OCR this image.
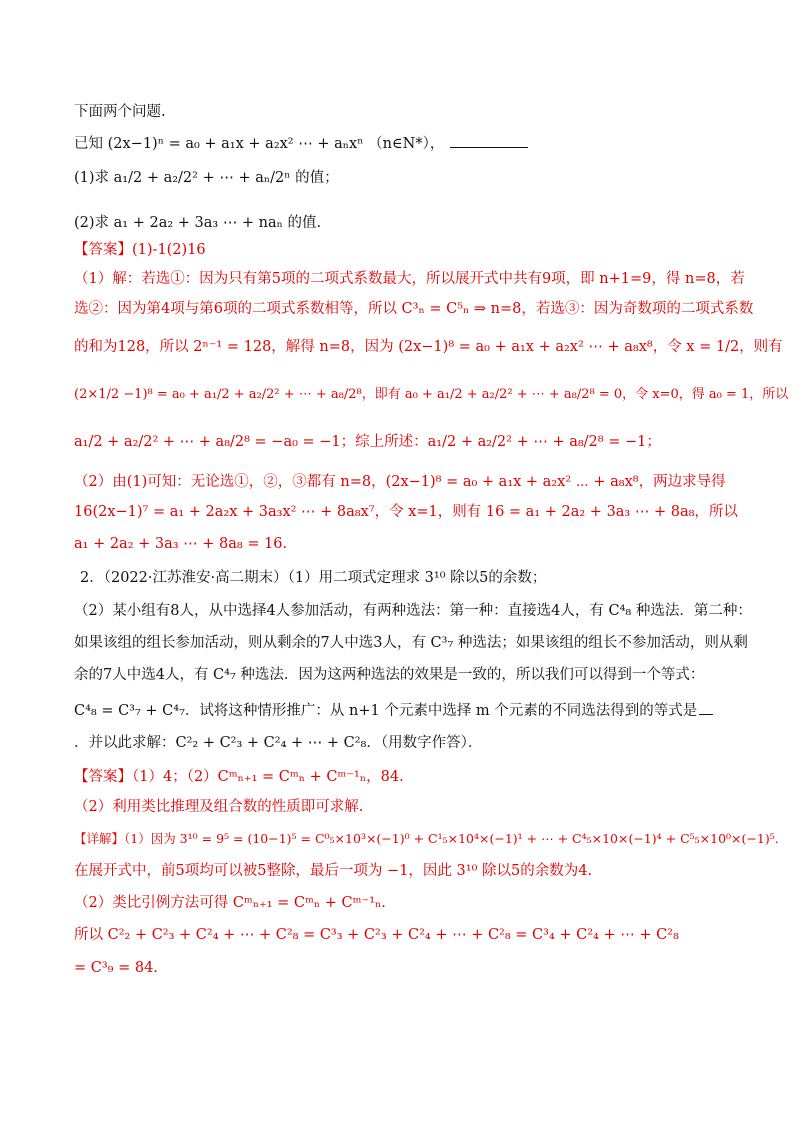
下面两个问题.
已知 (2x−1)ⁿ = a₀ + a₁x + a₂x² ⋯ + aₙxⁿ （n∈N*），
(1)求 a₁/2 + a₂/2² + ⋯ + aₙ/2ⁿ 的值；
(2)求 a₁ + 2a₂ + 3a₃ ⋯ + naₙ 的值.
【答案】(1)-1(2)16
（1）解：若选①：因为只有第5项的二项式系数最大，所以展开式中共有9项，即 n+1=9，得 n=8，若
选②：因为第4项与第6项的二项式系数相等，所以 C³ₙ = C⁵ₙ ⇒ n=8，若选③：因为奇数项的二项式系数
的和为128，所以 2ⁿ⁻¹ = 128，解得 n=8，因为 (2x−1)⁸ = a₀ + a₁x + a₂x² ⋯ + a₈x⁸，令 x = 1/2，则有
(2×1/2 −1)⁸ = a₀ + a₁/2 + a₂/2² + ⋯ + a₈/2⁸，即有 a₀ + a₁/2 + a₂/2² + ⋯ + a₈/2⁸ = 0，令 x=0，得 a₀ = 1，所以
a₁/2 + a₂/2² + ⋯ + a₈/2⁸ = −a₀ = −1；综上所述：a₁/2 + a₂/2² + ⋯ + a₈/2⁸ = −1；
（2）由(1)可知：无论选①，②，③都有 n=8，(2x−1)⁸ = a₀ + a₁x + a₂x² ⋯ + a₈x⁸，两边求导得
16(2x−1)⁷ = a₁ + 2a₂x + 3a₃x² ⋯ + 8a₈x⁷，令 x=1，则有 16 = a₁ + 2a₂ + 3a₃ ⋯ + 8a₈，所以
a₁ + 2a₂ + 3a₃ ⋯ + 8a₈ = 16.
2．（2022·江苏淮安·高二期末）（1）用二项式定理求 3¹⁰ 除以5的余数；
（2）某小组有8人，从中选择4人参加活动，有两种选法：第一种：直接选4人，有 C⁴₈ 种选法．第二种：
如果该组的组长参加活动，则从剩余的7人中选3人，有 C³₇ 种选法；如果该组的组长不参加活动，则从剩
余的7人中选4人，有 C⁴₇ 种选法．因为这两种选法的效果是一致的，所以我们可以得到一个等式：
C⁴₈ = C³₇ + C⁴₇．试将这种情形推广：从 n+1 个元素中选择 m 个元素的不同选法得到的等式是
．并以此求解：C²₂ + C²₃ + C²₄ + ⋯ + C²₈．（用数字作答）．
【答案】（1）4；（2）Cᵐₙ₊₁ = Cᵐₙ + Cᵐ⁻¹ₙ，84.
（2）利用类比推理及组合数的性质即可求解.
【详解】（1）因为 3¹⁰ = 9⁵ = (10−1)⁵ = C⁰₅×10³×(−1)⁰ + C¹₅×10⁴×(−1)¹ + ⋯ + C⁴₅×10×(−1)⁴ + C⁵₅×10⁰×(−1)⁵.
在展开式中，前5项均可以被5整除，最后一项为 −1，因此 3¹⁰ 除以5的余数为4.
（2）类比引例方法可得 Cᵐₙ₊₁ = Cᵐₙ + Cᵐ⁻¹ₙ.
所以 C²₂ + C²₃ + C²₄ + ⋯ + C²₈ = C³₃ + C²₃ + C²₄ + ⋯ + C²₈ = C³₄ + C²₄ + ⋯ + C²₈
= C³₉ = 84.
